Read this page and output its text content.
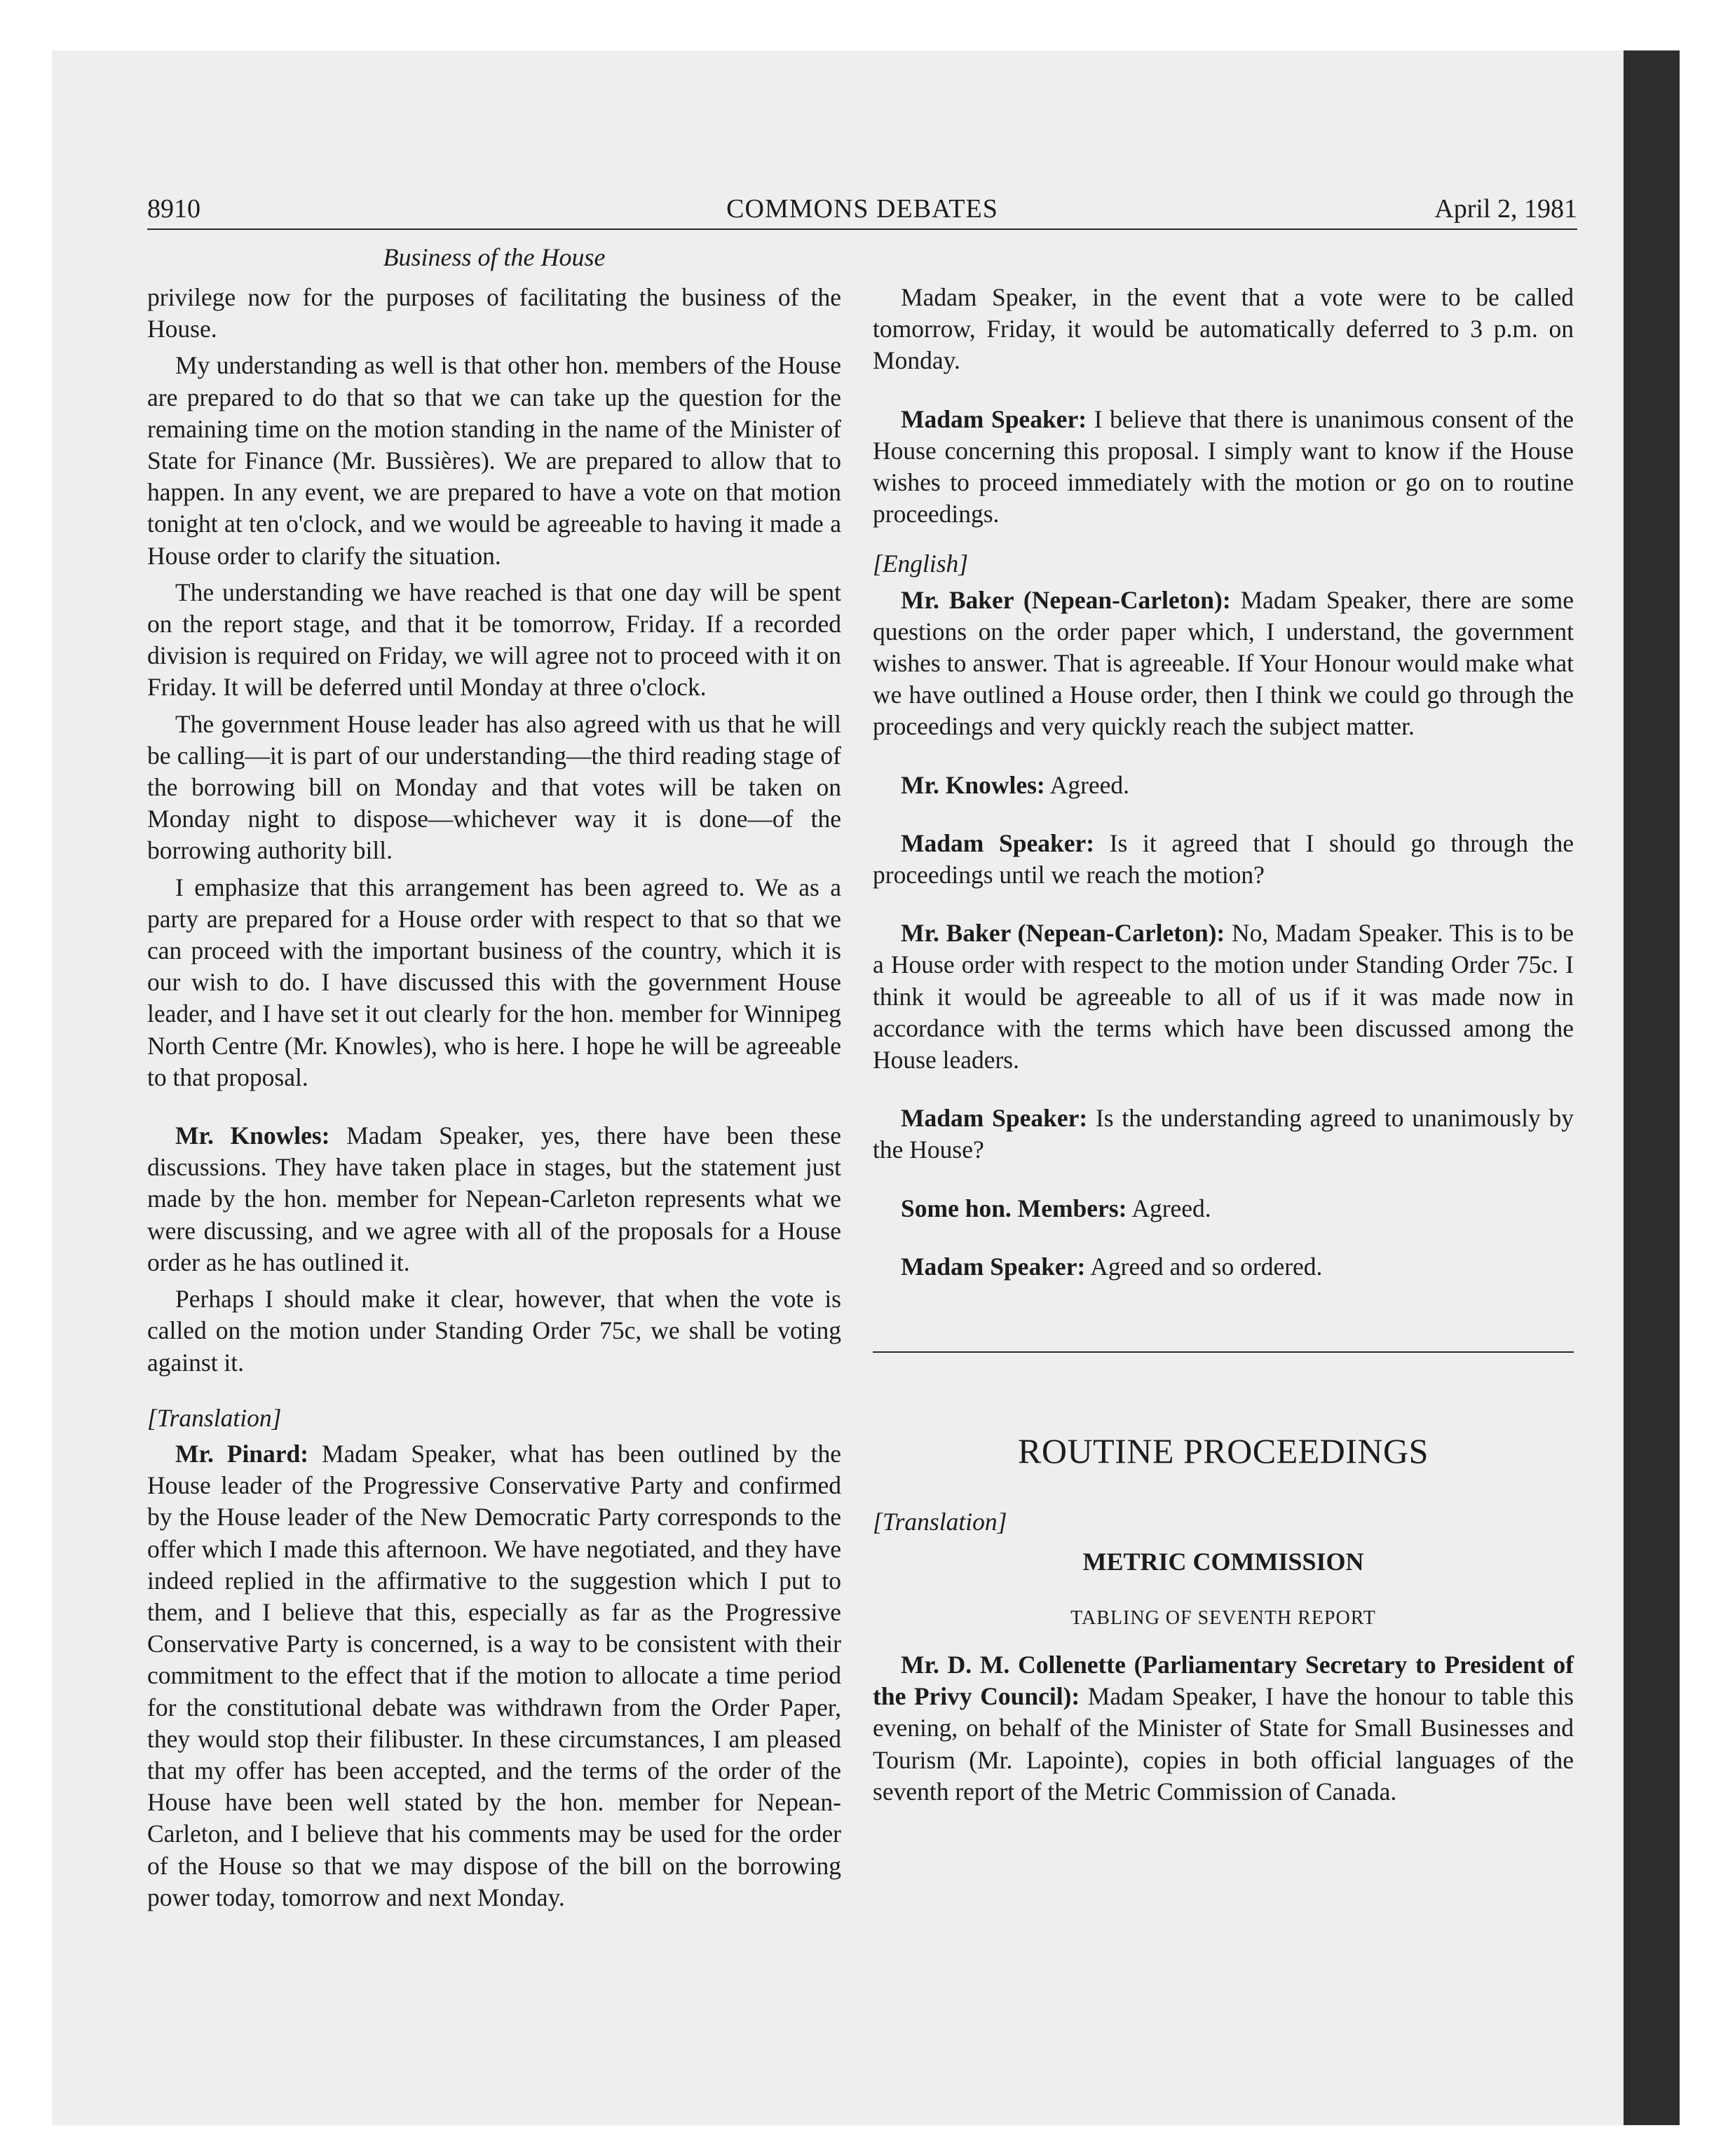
8910	COMMONS DEBATES	April 2, 1981
Business of the House

privilege now for the purposes of facilitating the business of the House.

My understanding as well is that other hon. members of the House are prepared to do that so that we can take up the question for the remaining time on the motion standing in the name of the Minister of State for Finance (Mr. Bussières). We are prepared to allow that to happen. In any event, we are prepared to have a vote on that motion tonight at ten o'clock, and we would be agreeable to having it made a House order to clarify the situation.

The understanding we have reached is that one day will be spent on the report stage, and that it be tomorrow, Friday. If a recorded division is required on Friday, we will agree not to proceed with it on Friday. It will be deferred until Monday at three o'clock.

The government House leader has also agreed with us that he will be calling—it is part of our understanding—the third reading stage of the borrowing bill on Monday and that votes will be taken on Monday night to dispose—whichever way it is done—of the borrowing authority bill.

I emphasize that this arrangement has been agreed to. We as a party are prepared for a House order with respect to that so that we can proceed with the important business of the country, which it is our wish to do. I have discussed this with the government House leader, and I have set it out clearly for the hon. member for Winnipeg North Centre (Mr. Knowles), who is here. I hope he will be agreeable to that proposal.

Mr. Knowles: Madam Speaker, yes, there have been these discussions. They have taken place in stages, but the statement just made by the hon. member for Nepean-Carleton represents what we were discussing, and we agree with all of the proposals for a House order as he has outlined it.

Perhaps I should make it clear, however, that when the vote is called on the motion under Standing Order 75c, we shall be voting against it.

[Translation]

Mr. Pinard: Madam Speaker, what has been outlined by the House leader of the Progressive Conservative Party and confirmed by the House leader of the New Democratic Party corresponds to the offer which I made this afternoon. We have negotiated, and they have indeed replied in the affirmative to the suggestion which I put to them, and I believe that this, especially as far as the Progressive Conservative Party is concerned, is a way to be consistent with their commitment to the effect that if the motion to allocate a time period for the constitutional debate was withdrawn from the Order Paper, they would stop their filibuster. In these circumstances, I am pleased that my offer has been accepted, and the terms of the order of the House have been well stated by the hon. member for Nepean-Carleton, and I believe that his comments may be used for the order of the House so that we may dispose of the bill on the borrowing power today, tomorrow and next Monday.

Madam Speaker, in the event that a vote were to be called tomorrow, Friday, it would be automatically deferred to 3 p.m. on Monday.

Madam Speaker: I believe that there is unanimous consent of the House concerning this proposal. I simply want to know if the House wishes to proceed immediately with the motion or go on to routine proceedings.

[English]

Mr. Baker (Nepean-Carleton): Madam Speaker, there are some questions on the order paper which, I understand, the government wishes to answer. That is agreeable. If Your Honour would make what we have outlined a House order, then I think we could go through the proceedings and very quickly reach the subject matter.

Mr. Knowles: Agreed.

Madam Speaker: Is it agreed that I should go through the proceedings until we reach the motion?

Mr. Baker (Nepean-Carleton): No, Madam Speaker. This is to be a House order with respect to the motion under Standing Order 75c. I think it would be agreeable to all of us if it was made now in accordance with the terms which have been discussed among the House leaders.

Madam Speaker: Is the understanding agreed to unanimously by the House?

Some hon. Members: Agreed.

Madam Speaker: Agreed and so ordered.

ROUTINE PROCEEDINGS
[Translation]
METRIC COMMISSION
TABLING OF SEVENTH REPORT

Mr. D. M. Collenette (Parliamentary Secretary to President of the Privy Council): Madam Speaker, I have the honour to table this evening, on behalf of the Minister of State for Small Businesses and Tourism (Mr. Lapointe), copies in both official languages of the seventh report of the Metric Commission of Canada.
